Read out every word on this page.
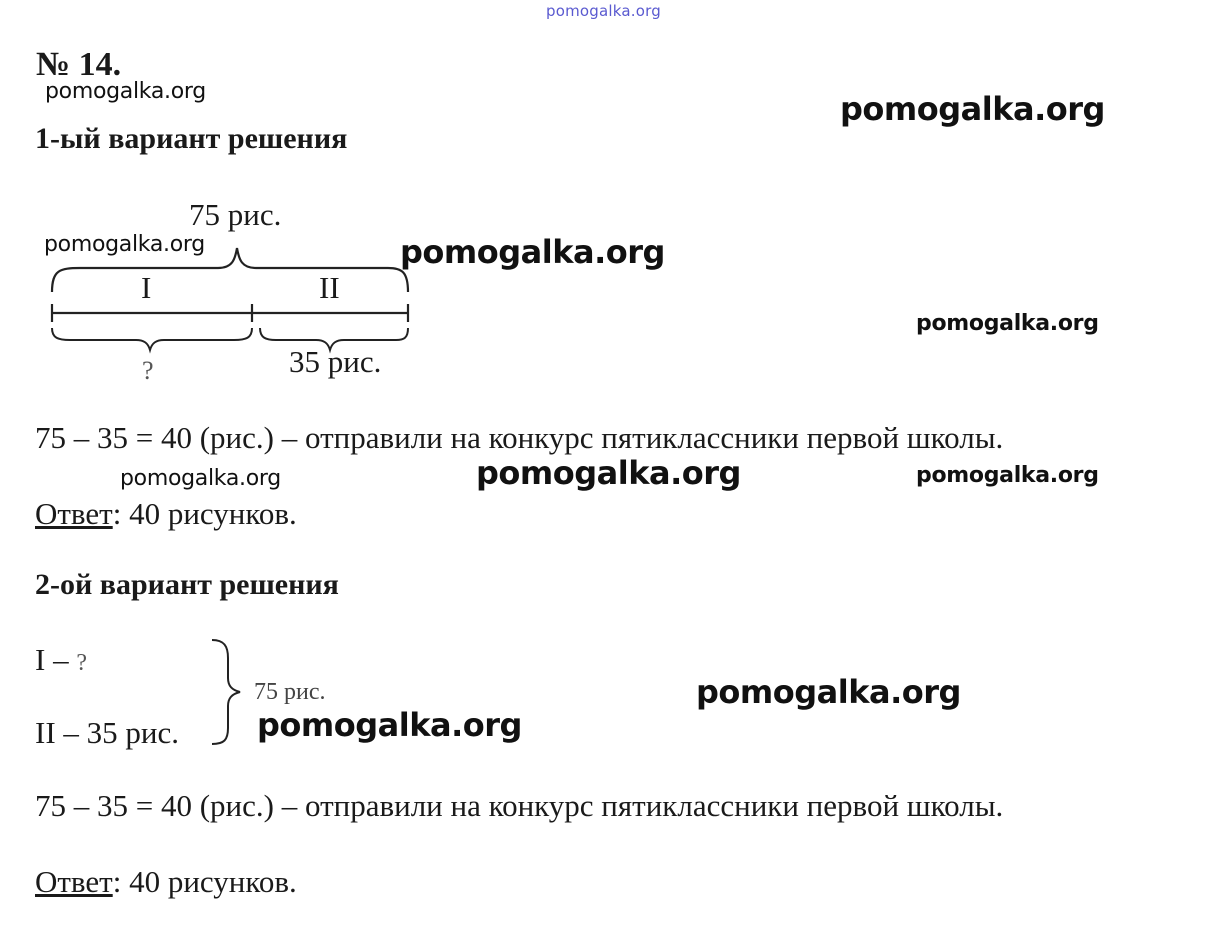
pomogalka.org
№ 14.
pomogalka.org	pomogalka.org
pomogalka.org	pomogalka.org
pomogalka.org
pomogalka.org	pomogalka.org	pomogalka.org
pomogalka.org
pomogalka.org
1-ый вариант решения
75 рис.
I	II
?	35 рис.
75 – 35 = 40 (рис.) – отправили на конкурс пятиклассники первой школы.
Ответ: 40 рисунков.
2-ой вариант решения
I – ?
II – 35 рис.
75 рис.
75 – 35 = 40 (рис.) – отправили на конкурс пятиклассники первой школы.
Ответ: 40 рисунков.
